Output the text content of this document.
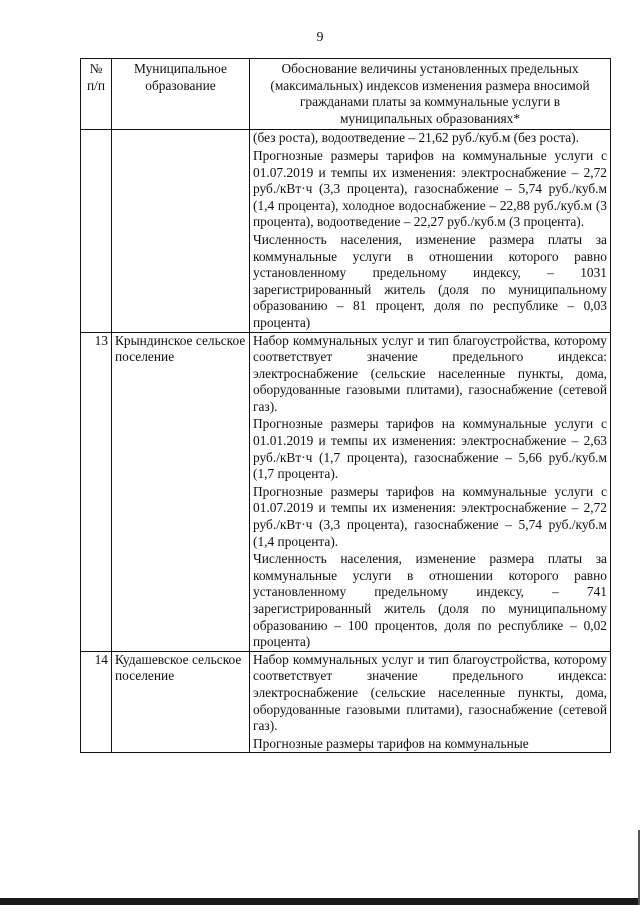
9
№ п/п	Муниципальное образование	Обоснование величины установленных предельных (максимальных) индексов изменения размера вносимой гражданами платы за коммунальные услуги в муниципальных образованиях*

		(без роста), водоотведение – 21,62 руб./куб.м (без роста).

Прогнозные размеры тарифов на коммунальные услуги с 01.07.2019 и темпы их изменения: электроснабжение – 2,72 руб./кВт·ч (3,3 процента), газоснабжение – 5,74 руб./куб.м (1,4 процента), холодное водоснабжение – 22,88 руб./куб.м (3 процента), водоотведение – 22,27 руб./куб.м (3 процента).

Численность населения, изменение размера платы за коммунальные услуги в отношении которого равно установленному предельному индексу, – 1031 зарегистрированный житель (доля по муниципальному образованию – 81 процент, доля по республике – 0,03 процента)

13	Крындинское сельское поселение	Набор коммунальных услуг и тип благоустройства, которому соответствует значение предельного индекса: электроснабжение (сельские населенные пункты, дома, оборудованные газовыми плитами), газоснабжение (сетевой газ).

Прогнозные размеры тарифов на коммунальные услуги с 01.01.2019 и темпы их изменения: электроснабжение – 2,63 руб./кВт·ч (1,7 процента), газоснабжение – 5,66 руб./куб.м (1,7 процента).

Прогнозные размеры тарифов на коммунальные услуги с 01.07.2019 и темпы их изменения: электроснабжение – 2,72 руб./кВт·ч (3,3 процента), газоснабжение – 5,74 руб./куб.м (1,4 процента).

Численность населения, изменение размера платы за коммунальные услуги в отношении которого равно установленному предельному индексу, – 741 зарегистрированный житель (доля по муниципальному образованию – 100 процентов, доля по республике – 0,02 процента)

14	Кудашевское сельское поселение	Набор коммунальных услуг и тип благоустройства, которому соответствует значение предельного индекса: электроснабжение (сельские населенные пункты, дома, оборудованные газовыми плитами), газоснабжение (сетевой газ).

Прогнозные размеры тарифов на коммунальные
